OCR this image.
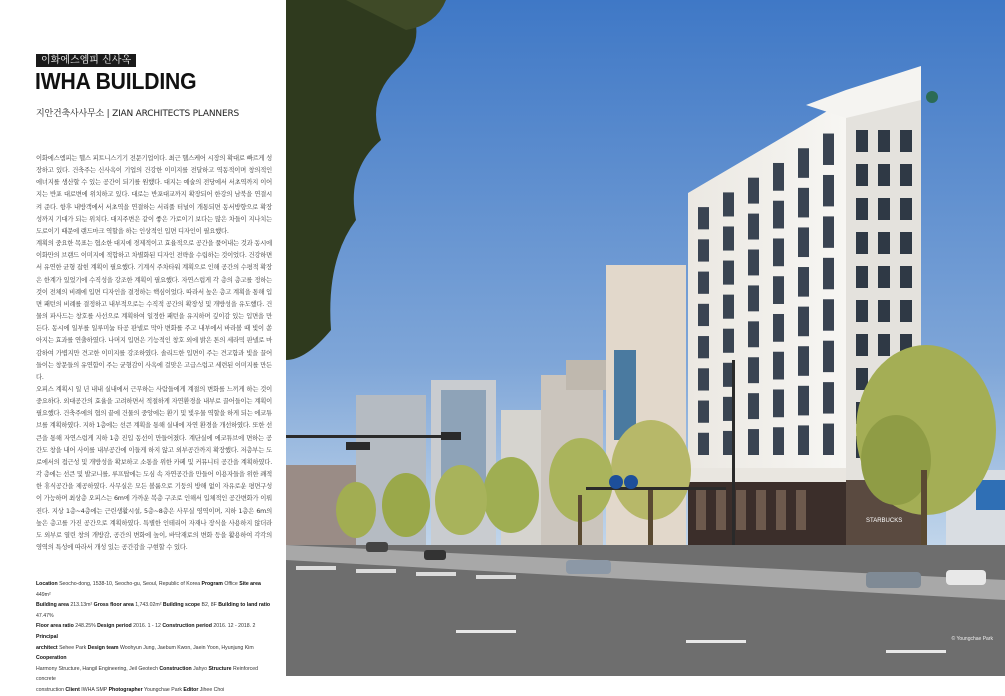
이화에스엠피 신사옥
IWHA BUILDING
지안건축사사무소 | ZIAN ARCHITECTS PLANNERS

이화에스엠피는 헬스 피트니스기기 전문기업이다. 최근 헬스케어 시장의 확대로 빠르게 성장하고 있다. 건축주는 신사옥이 기업의 건강한 이미지를 전달하고 역동적이며 창의적인 에너지를 생산할 수 있는 공간이 되기를 원했다. 대지는 예술의 전당에서 서초역까지 이어지는 반포 대로변에 위치하고 있다. 대로는 반포대교까지 확장되어 한강의 남북을 연결시켜 준다. 항후 내방객에서 서초역을 연결하는 서리풀 터널이 개통되면 동서방향으로 확장성까지 기대가 되는 위치다. 대지주변은 같이 좋은 가로이기 보다는 많은 차들이 지나치는 도로이기 때문에 랜드마크 역할을 하는 인상적인 입면 디자인이 필요했다.

계획의 중요한 목표는 협소한 대지에 경제적이고 효율적으로 공간을 풀어내는 것과 동시에 이화만의 브랜드 이미지에 적합하고 차별화된 디자인 전략을 수립하는 것이었다. 건강하면서 유연한 균형 잡힌 계획이 필요했다. 기계식 주차타워 계획으로 인해 공간의 수평적 확장은 한계가 있었기에 수직성을 강조한 계획이 필요했다. 자연스럽게 각 층의 층고를 정하는 것이 전체의 비례에 입면 디자인을 결정하는 핵심이었다. 따라서 높은 층고 계획을 통해 입면 패턴의 비례를 결정하고 내부적으로는 수직적 공간의 확장성 및 개방성을 유도했다. 건물의 파사드는 창호를 사선으로 계획하여 일정한 패턴을 유지하며 깊이감 있는 입면을 만든다. 동시에 일부를 일루미늄 타공 판넬로 막아 변화를 주고 내부에서 바라볼 때 빛이 쏟아지는 효과를 연출하였다. 나머지 입면은 기능적인 창호 외에 밝은 톤의 세라믹 판넬로 마감하여 가볍지만 견고한 이미지를 강조하였다. 솔리드한 입면이 주는 견고함과 빛을 끌어들이는 창문들의 유연함이 주는 균형감이 사옥에 걸맞은 고급스럽고 세련된 이미지를 만든다.

오피스 계획시 일 년 내내 실내에서 근무하는 사람들에게 계절의 변화를 느끼게 하는 것이 중요하다. 외대공간의 효율을 고려하면서 적절하게 자연환경을 내부로 끌어들이는 계획이 필요했다. 건축주에의 협의 끝에 건물의 중앙에는 환기 및 빛우물 역할을 하게 되는 에코튜브를 계획하였다. 지하 1층에는 선큰 계획을 통해 실내에 자연 환경을 개선하였다. 또한 선큰을 통해 자연스럽게 지하 1층 진입 동선이 만들어졌다. 계단실에 에코튜브에 면하는 공간도 창을 내어 사이를 내부공간에 이들게 하지 않고 외부공간까지 확장했다. 저층부는 도로에서의 접근성 및 개방성을 확보하고 소통을 위한 카페 및 커뮤니티 공간을 계획하였다. 각 층에는 선큰 및 발코니를, 루프탑에는 도심 속 자연공간을 만들어 이용자들을 위한 쾌적한 휴식공간을 제공하였다. 사무실은 모든 볼륨으로 기둥의 방해 없이 자유로운 평면구성이 가능하며 최상층 오피스는 6m에 가까운 복층 구조로 인해서 입체적인 공간변화가 이뤄진다. 지상 1층~4층에는 근린생활시설, 5층~8층은 사무실 영역이며, 지하 1층은 6m의 높은 층고를 가진 공간으로 계획하였다. 특별한 인테리어 자재나 장식을 사용하지 않더라도 외부로 열린 창의 개방감, 공간의 변화에 높이, 바닥재로의 변화 등을 활용하여 각각의 영역의 특성에 따라서 개성 있는 공간감을 구현할 수 있다.

Location Seocho-dong, 1538-10, Seocho-gu, Seoul, Republic of Korea Program Office Site area 449m²
Building area 213.13m² Gross floor area 1,743.02m² Building scope B2, 8F Building to land ratio 47.47%
Floor area ratio 248.25% Design period 2016. 1 - 12 Construction period 2016. 12 - 2018. 2 Principal
architect Sehee Park Design team Woohyun Jung, Jaebum Kwon, Jaein Yoon, Hyunjung Kim Cooperation
Harmony Structure, Hangil Engineering, Jeil Geotech Construction Jahyo Structure Reinforced concrete
construction Client IWHA SMP Photographer Youngchae Park Editor Jihee Choi
STARBUCKS
© Youngchae Park
